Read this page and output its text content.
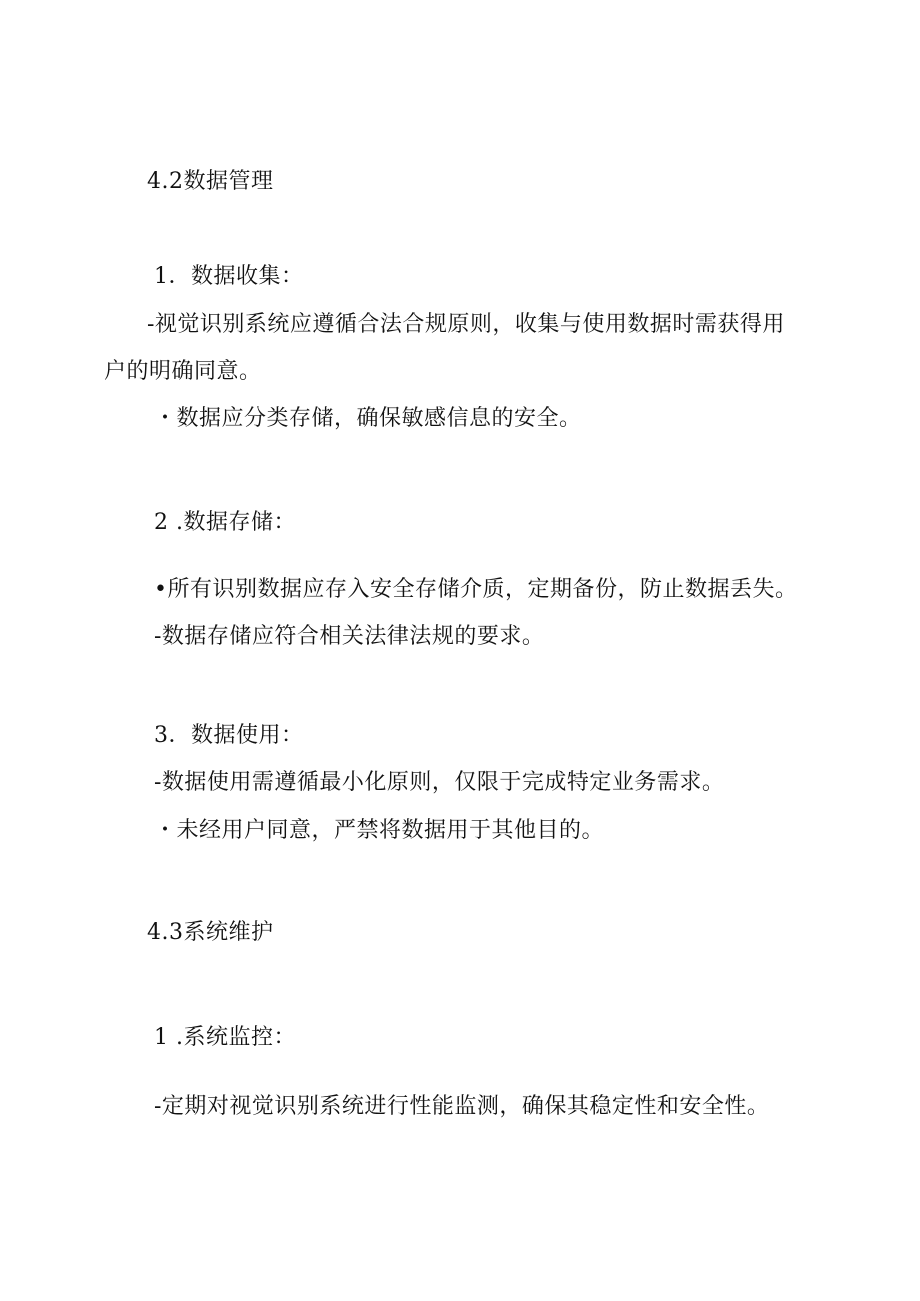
4.2数据管理
1．数据收集：
-视觉识别系统应遵循合法合规原则，收集与使用数据时需获得用
户的明确同意。
・数据应分类存储，确保敏感信息的安全。
2 .数据存储：
•所有识别数据应存入安全存储介质，定期备份，防止数据丢失。
-数据存储应符合相关法律法规的要求。
3．数据使用：
-数据使用需遵循最小化原则，仅限于完成特定业务需求。
・未经用户同意，严禁将数据用于其他目的。
4.3系统维护
1 .系统监控：
-定期对视觉识别系统进行性能监测，确保其稳定性和安全性。
